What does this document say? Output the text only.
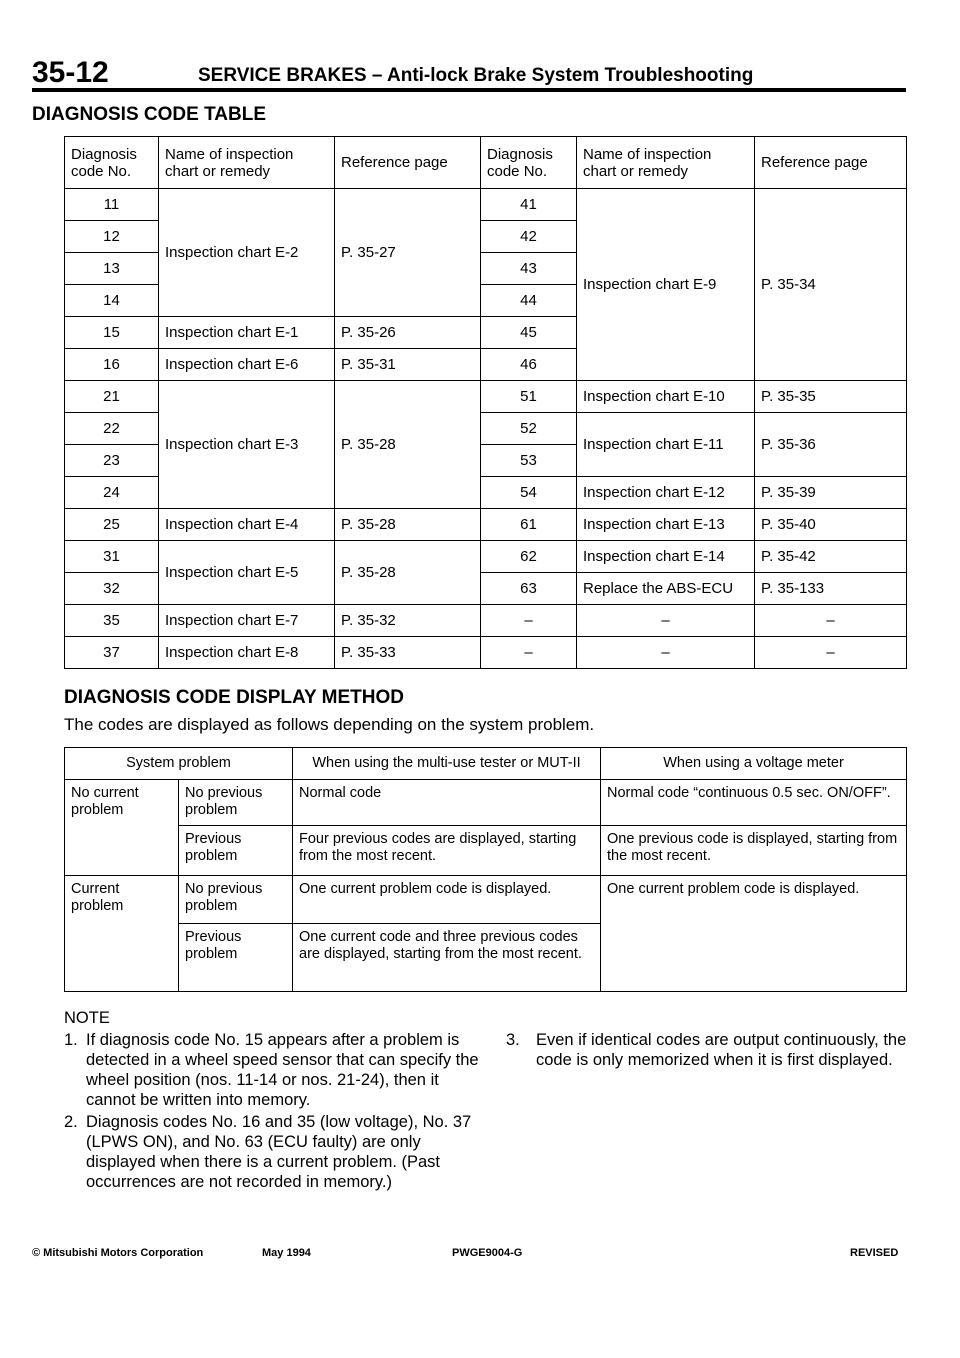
35-12	SERVICE BRAKES – Anti-lock Brake System Troubleshooting
DIAGNOSIS CODE TABLE
Diagnosis code No.	Name of inspection chart or remedy	Reference page	Diagnosis code No.	Name of inspection chart or remedy	Reference page
11	Inspection chart E-2	P. 35-27	41	Inspection chart E-9	P. 35-34
12			42		
13			43		
14			44		
15	Inspection chart E-1	P. 35-26	45		
16	Inspection chart E-6	P. 35-31	46		
21	Inspection chart E-3	P. 35-28	51	Inspection chart E-10	P. 35-35
22			52	Inspection chart E-11	P. 35-36
23			53		
24			54	Inspection chart E-12	P. 35-39
25	Inspection chart E-4	P. 35-28	61	Inspection chart E-13	P. 35-40
31	Inspection chart E-5	P. 35-28	62	Inspection chart E-14	P. 35-42
32			63	Replace the ABS-ECU	P. 35-133
35	Inspection chart E-7	P. 35-32	–	–	–
37	Inspection chart E-8	P. 35-33	–	–	–
DIAGNOSIS CODE DISPLAY METHOD
The codes are displayed as follows depending on the system problem.
System problem		When using the multi-use tester or MUT-II	When using a voltage meter
No current problem	No previous problem	Normal code	Normal code “continuous 0.5 sec. ON/OFF”.
	Previous problem	Four previous codes are displayed, starting from the most recent.	One previous code is displayed, starting from the most recent.
Current problem	No previous problem	One current problem code is displayed.	One current problem code is displayed.
	Previous problem	One current code and three previous codes are displayed, starting from the most recent.	
NOTE
1. If diagnosis code No. 15 appears after a problem is detected in a wheel speed sensor that can specify the wheel position (nos. 11-14 or nos. 21-24), then it cannot be written into memory.
2. Diagnosis codes No. 16 and 35 (low voltage), No. 37 (LPWS ON), and No. 63 (ECU faulty) are only displayed when there is a current problem. (Past occurrences are not recorded in memory.)
3. Even if identical codes are output continuously, the code is only memorized when it is first displayed.
© Mitsubishi Motors Corporation	May 1994	PWGE9004-G	REVISED
